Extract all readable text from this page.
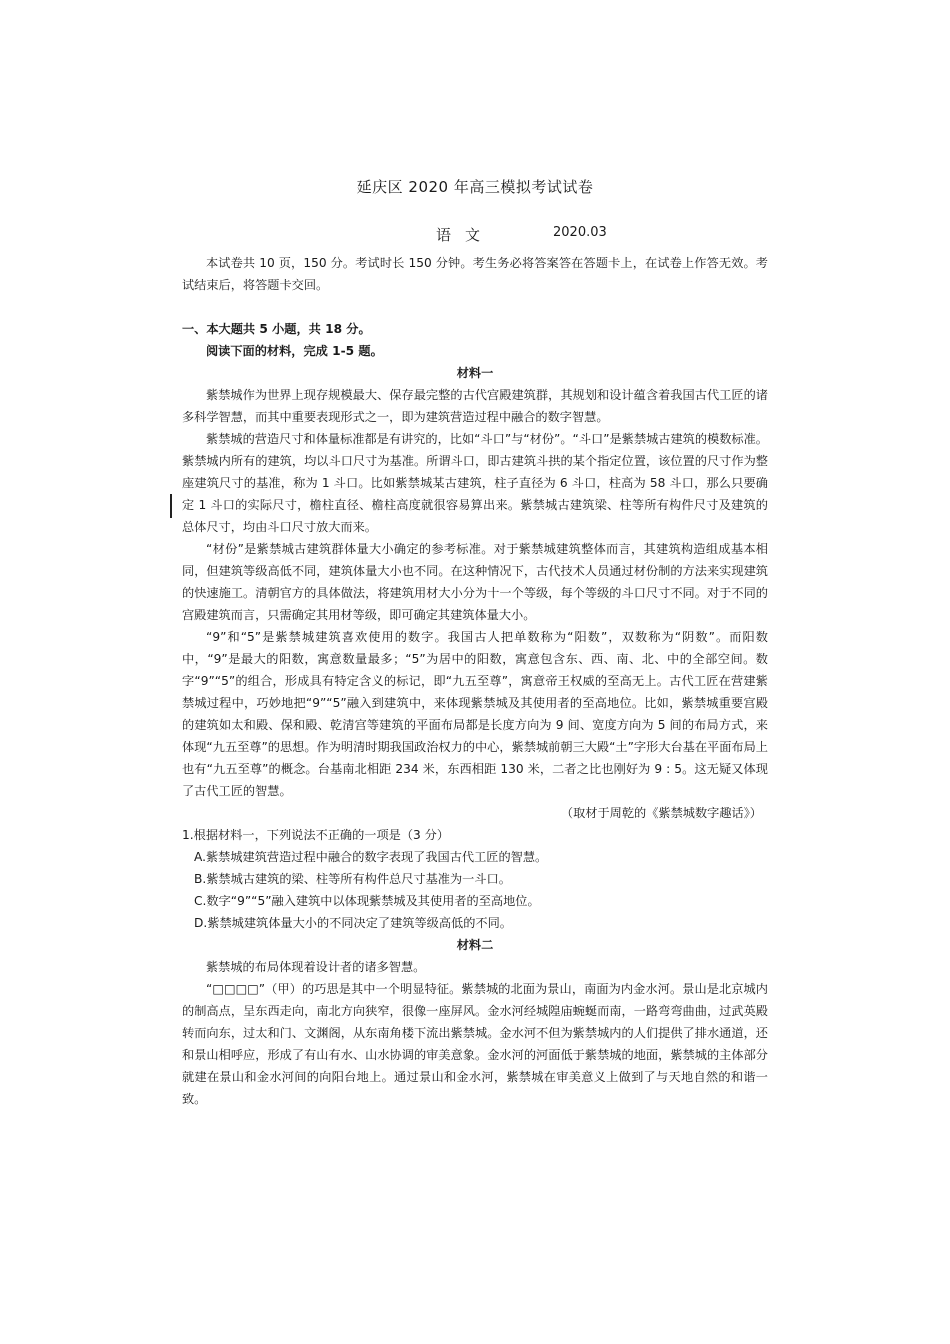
延庆区 2020 年高三模拟考试试卷
语文	2020.03

本试卷共 10 页，150 分。考试时长 150 分钟。考生务必将答案答在答题卡上，在试卷上作答无效。考试结束后，将答题卡交回。

一、本大题共 5 小题，共 18 分。

阅读下面的材料，完成 1-5 题。

材料一

紫禁城作为世界上现存规模最大、保存最完整的古代宫殿建筑群，其规划和设计蕴含着我国古代工匠的诸多科学智慧，而其中重要表现形式之一，即为建筑营造过程中融合的数字智慧。

紫禁城的营造尺寸和体量标准都是有讲究的，比如“斗口”与“材份”。“斗口”是紫禁城古建筑的模数标准。紫禁城内所有的建筑，均以斗口尺寸为基准。所谓斗口，即古建筑斗拱的某个指定位置，该位置的尺寸作为整座建筑尺寸的基准，称为 1 斗口。比如紫禁城某古建筑，柱子直径为 6 斗口，柱高为 58 斗口，那么只要确定 1 斗口的实际尺寸，檐柱直径、檐柱高度就很容易算出来。紫禁城古建筑梁、柱等所有构件尺寸及建筑的总体尺寸，均由斗口尺寸放大而来。

“材份”是紫禁城古建筑群体量大小确定的参考标准。对于紫禁城建筑整体而言，其建筑构造组成基本相同，但建筑等级高低不同，建筑体量大小也不同。在这种情况下，古代技术人员通过材份制的方法来实现建筑的快速施工。清朝官方的具体做法，将建筑用材大小分为十一个等级，每个等级的斗口尺寸不同。对于不同的宫殿建筑而言，只需确定其用材等级，即可确定其建筑体量大小。

“9”和“5”是紫禁城建筑喜欢使用的数字。我国古人把单数称为“阳数”，双数称为“阴数”。而阳数中，“9”是最大的阳数，寓意数量最多；“5”为居中的阳数，寓意包含东、西、南、北、中的全部空间。数字“9”“5”的组合，形成具有特定含义的标记，即“九五至尊”，寓意帝王权威的至高无上。古代工匠在营建紫禁城过程中，巧妙地把“9”“5”融入到建筑中，来体现紫禁城及其使用者的至高地位。比如，紫禁城重要宫殿的建筑如太和殿、保和殿、乾清宫等建筑的平面布局都是长度方向为 9 间、宽度方向为 5 间的布局方式，来体现“九五至尊”的思想。作为明清时期我国政治权力的中心，紫禁城前朝三大殿“土”字形大台基在平面布局上也有“九五至尊”的概念。台基南北相距 234 米，东西相距 130 米，二者之比也刚好为 9 : 5。这无疑又体现了古代工匠的智慧。

（取材于周乾的《紫禁城数字趣话》）

1.根据材料一，下列说法不正确的一项是（3 分）

A.紫禁城建筑营造过程中融合的数字表现了我国古代工匠的智慧。

B.紫禁城古建筑的梁、柱等所有构件总尺寸基准为一斗口。

C.数字“9”“5”融入建筑中以体现紫禁城及其使用者的至高地位。

D.紫禁城建筑体量大小的不同决定了建筑等级高低的不同。

材料二

紫禁城的布局体现着设计者的诸多智慧。

“□□□□”（甲）的巧思是其中一个明显特征。紫禁城的北面为景山，南面为内金水河。景山是北京城内的制高点，呈东西走向，南北方向狭窄，很像一座屏风。金水河经城隍庙蜿蜒而南，一路弯弯曲曲，过武英殿转而向东，过太和门、文渊阁，从东南角楼下流出紫禁城。金水河不但为紫禁城内的人们提供了排水通道，还和景山相呼应，形成了有山有水、山水协调的审美意象。金水河的河面低于紫禁城的地面，紫禁城的主体部分就建在景山和金水河间的向阳台地上。通过景山和金水河，紫禁城在审美意义上做到了与天地自然的和谐一致。
